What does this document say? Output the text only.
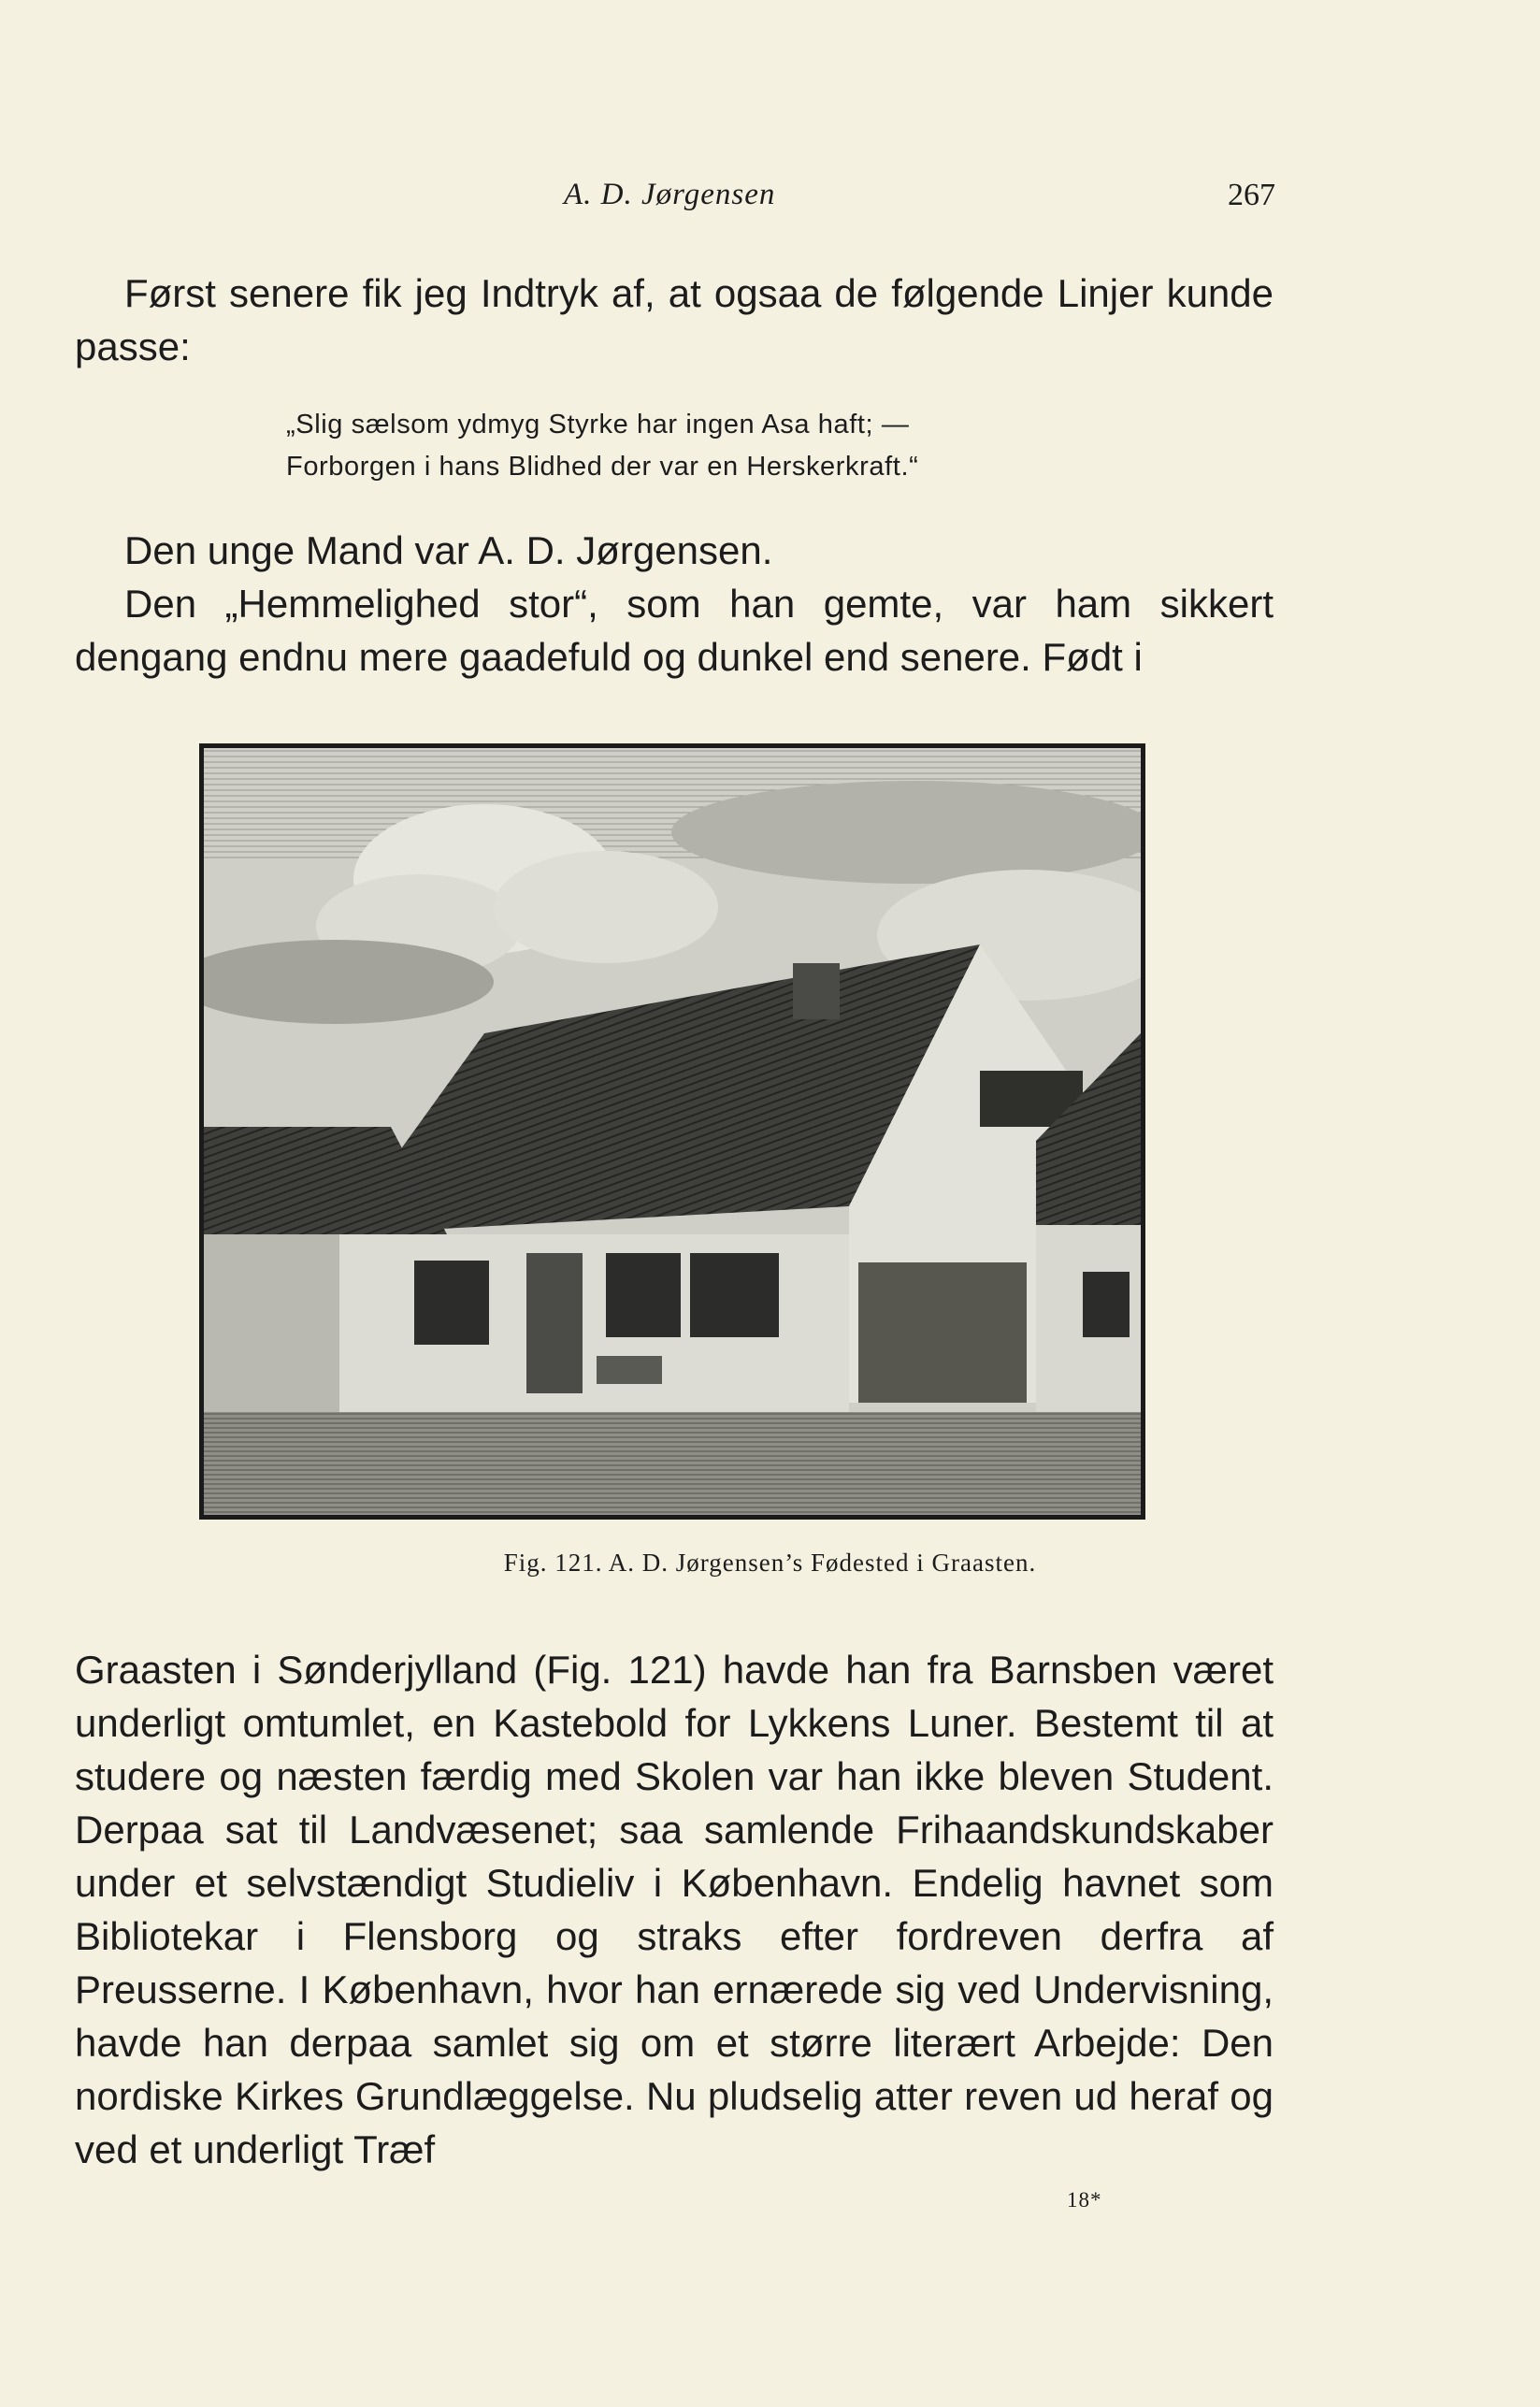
A. D. Jørgensen	267

Først senere fik jeg Indtryk af, at ogsaa de følgende Linjer kunde passe:

„Slig sælsom ydmyg Styrke har ingen Asa haft; —
Forborgen i hans Blidhed der var en Herskerkraft.“

Den unge Mand var A. D. Jørgensen.

Den „Hemmelighed stor“, som han gemte, var ham sikkert dengang endnu mere gaadefuld og dunkel end senere. Født i

Fig. 121. A. D. Jørgensen’s Fødested i Graasten.

Graasten i Sønderjylland (Fig. 121) havde han fra Barnsben været underligt omtumlet, en Kastebold for Lykkens Luner. Bestemt til at studere og næsten færdig med Skolen var han ikke bleven Student. Derpaa sat til Landvæsenet; saa samlende Frihaandskundskaber under et selvstændigt Studieliv i København. Endelig havnet som Bibliotekar i Flensborg og straks efter fordreven derfra af Preusserne. I København, hvor han ernærede sig ved Undervisning, havde han derpaa samlet sig om et større literært Arbejde: Den nordiske Kirkes Grundlæggelse. Nu pludselig atter reven ud heraf og ved et underligt Træf

18*
